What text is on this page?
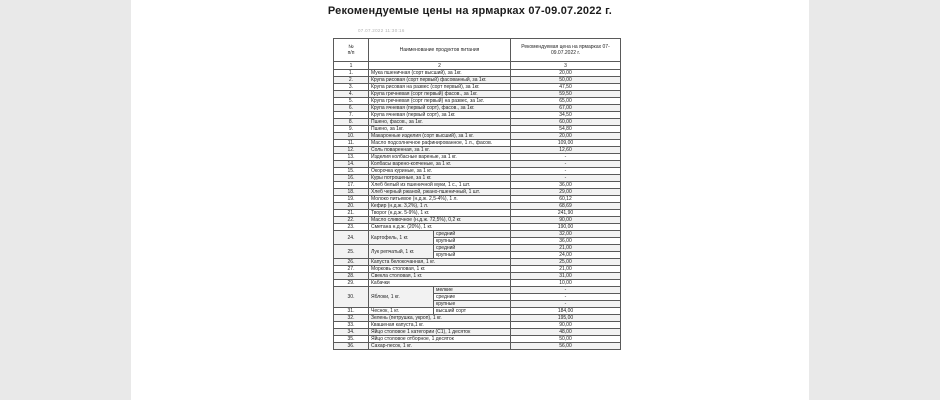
Рекомендуемые цены на ярмарках 07-09.07.2022 г.
07.07.2022 11:30:16
№
п/п	Наименование продуктов питания		Рекомендуемая цена на ярмарках 07-09.07.2022 г.
1	2		3
1.	Мука пшеничная (сорт высший), за 1кг.		20,00
2.	Крупа рисовая (сорт первый) фасованный, за 1кг.		50,00
3.	Крупа рисовая на развес (сорт первый), за 1кг.		47,50
4.	Крупа гречневая (сорт первый) фасов., за 1кг.		59,50
5.	Крупа гречневая (сорт первый) на развес, за 1кг.		65,00
6.	Крупа ячневая (первый сорт), фасов., за 1кг.		67,00
7.	Крупа ячневая (первый сорт), за 1кг.		34,50
8.	Пшено, фасов., за 1кг.		60,00
9.	Пшено, за 1кг.		54,80
10.	Макаронные изделия (сорт высший), за 1 кг.		20,00
11.	Масло подсолнечное рафинированное, 1 л., фасов.		109,00
12.	Соль поваренная, за 1 кг.		12,60
13.	Изделия колбасные вареные, за 1 кг.		-
14.	Колбасы варено-копченые, за 1 кг.		-
15.	Окорочка куриные, за 1 кг.		-
16.	Куры потрошеные, за 1 кг.		-
17.	Хлеб белый из пшеничной муки, 1 с., 1 шт.		36,00
18.	Хлеб черный ржаной, ржано-пшеничный, 1 шт.		29,00
19.	Молоко питьевое (н.д.ж. 2,5-4%), 1 л.		60,12
20.	Кефир (н.д.ж. 3,2%), 1 л.		68,69
21.	Творог (н.д.ж. 5-9%), 1 кг.		241,90
22.	Масло сливочное (н.д.ж. 72,5%), 0,2 кг.		90,00
23.	Сметана н.д.ж. (20%), 1 кг.		190,00
24.	Картофель, 1 кг.	средний	32,00
		крупный	36,00
25.	Лук репчатый, 1 кг.	средний	21,00
		крупный	24,00
26.	Капуста белокочанная, 1 кг.		25,00
27.	Морковь столовая, 1 кг.		21,00
28.	Свекла столовая, 1 кг.		31,00
29.	Кабачки		10,00
30.	Яблоки, 1 кг.	мелкие	-
		средние	-
		крупные	-
31.	Чеснок, 1 кг.	высший сорт	184,00
32.	Зелень (петрушка, укроп), 1 кг.		195,00
33.	Квашеная капуста,1 кг.		90,00
34.	Яйцо столовое 1 категории (С1), 1 десяток		48,00
35.	Яйцо столовое отборное, 1 десяток		50,00
36.	Сахар-песок, 1 кг.		56,00
